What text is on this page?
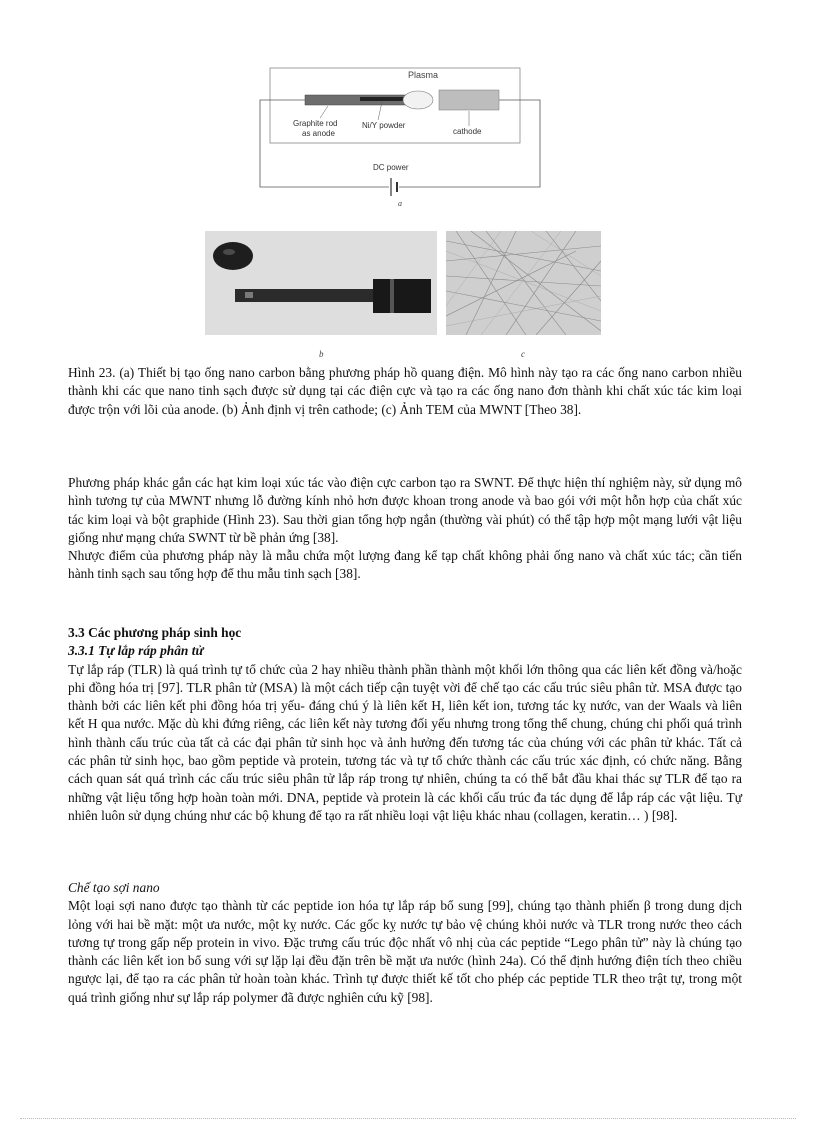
Plasma
Graphite rod
as anode
Ni/Y powder
cathode
DC power
a
b	c

Hình 23. (a) Thiết bị tạo ống nano carbon bằng phương pháp hồ quang điện. Mô hình này tạo ra các ống nano carbon nhiều thành khi các que nano tinh sạch được sử dụng tại các điện cực và tạo ra các ống nano đơn thành khi chất xúc tác kim loại được trộn với lõi của anode. (b) Ảnh định vị trên cathode; (c) Ảnh TEM của MWNT [Theo 38].

Phương pháp khác gắn các hạt kim loại xúc tác vào điện cực carbon tạo ra SWNT. Để thực hiện thí nghiệm này, sử dụng mô hình tương tự của MWNT nhưng lỗ đường kính nhỏ hơn được khoan trong anode và bao gói với một hỗn hợp của chất xúc tác kim loại và bột graphide (Hình 23). Sau thời gian tổng hợp ngắn (thường vài phút) có thể tập hợp một mạng lưới vật liệu giống như mạng chứa SWNT từ bề phản ứng [38].

Nhược điểm của phương pháp này là mẫu chứa một lượng đang kể tạp chất không phải ống nano và chất xúc tác; cần tiến hành tinh sạch sau tổng hợp để thu mẫu tinh sạch [38].

3.3 Các phương pháp sinh học

3.3.1 Tự lắp ráp phân tử

Tự lắp ráp (TLR) là quá trình tự tổ chức của 2 hay nhiều thành phần thành một khối lớn thông qua các liên kết đồng và/hoặc phi đồng hóa trị [97]. TLR phân tử (MSA) là một cách tiếp cận tuyệt vời để chế tạo các cấu trúc siêu phân tử. MSA được tạo thành bởi các liên kết phi đồng hóa trị yếu- đáng chú ý là liên kết H, liên kết ion, tương tác kỵ nước, van der Waals và liên kết H qua nước. Mặc dù khi đứng riêng, các liên kết này tương đối yếu nhưng trong tổng thể chung, chúng chi phối quá trình hình thành cấu trúc của tất cả các đại phân tử sinh học và ảnh hưởng đến tương tác của chúng với các phân tử khác. Tất cả các phân tử sinh học, bao gồm peptide và protein, tương tác và tự tổ chức thành các cấu trúc xác định, có chức năng. Bằng cách quan sát quá trình các cấu trúc siêu phân tử lắp ráp trong tự nhiên, chúng ta có thể bắt đầu khai thác sự TLR để tạo ra những vật liệu tổng hợp hoàn toàn mới. DNA, peptide và protein là các khối cấu trúc đa tác dụng để lắp ráp các vật liệu. Tự nhiên luôn sử dụng chúng như các bộ khung để tạo ra rất nhiều loại vật liệu khác nhau (collagen, keratin… ) [98].

Chế tạo sợi nano

Một loại sợi nano được tạo thành từ các peptide ion hóa tự lắp ráp bổ sung [99], chúng tạo thành phiến β trong dung dịch lỏng với hai bề mặt: một ưa nước, một kỵ nước. Các gốc kỵ nước tự bảo vệ chúng khỏi nước và TLR trong nước theo cách tương tự trong gấp nếp protein in vivo. Đặc trưng cấu trúc độc nhất vô nhị của các peptide “Lego phân tử” này là chúng tạo thành các liên kết ion bổ sung với sự lặp lại đều đặn trên bề mặt ưa nước (hình 24a). Có thể định hướng điện tích theo chiều ngược lại, để tạo ra các phân tử hoàn toàn khác. Trình tự được thiết kế tốt cho phép các peptide TLR theo trật tự, trong một quá trình giống như sự lắp ráp polymer đã được nghiên cứu kỹ [98].
